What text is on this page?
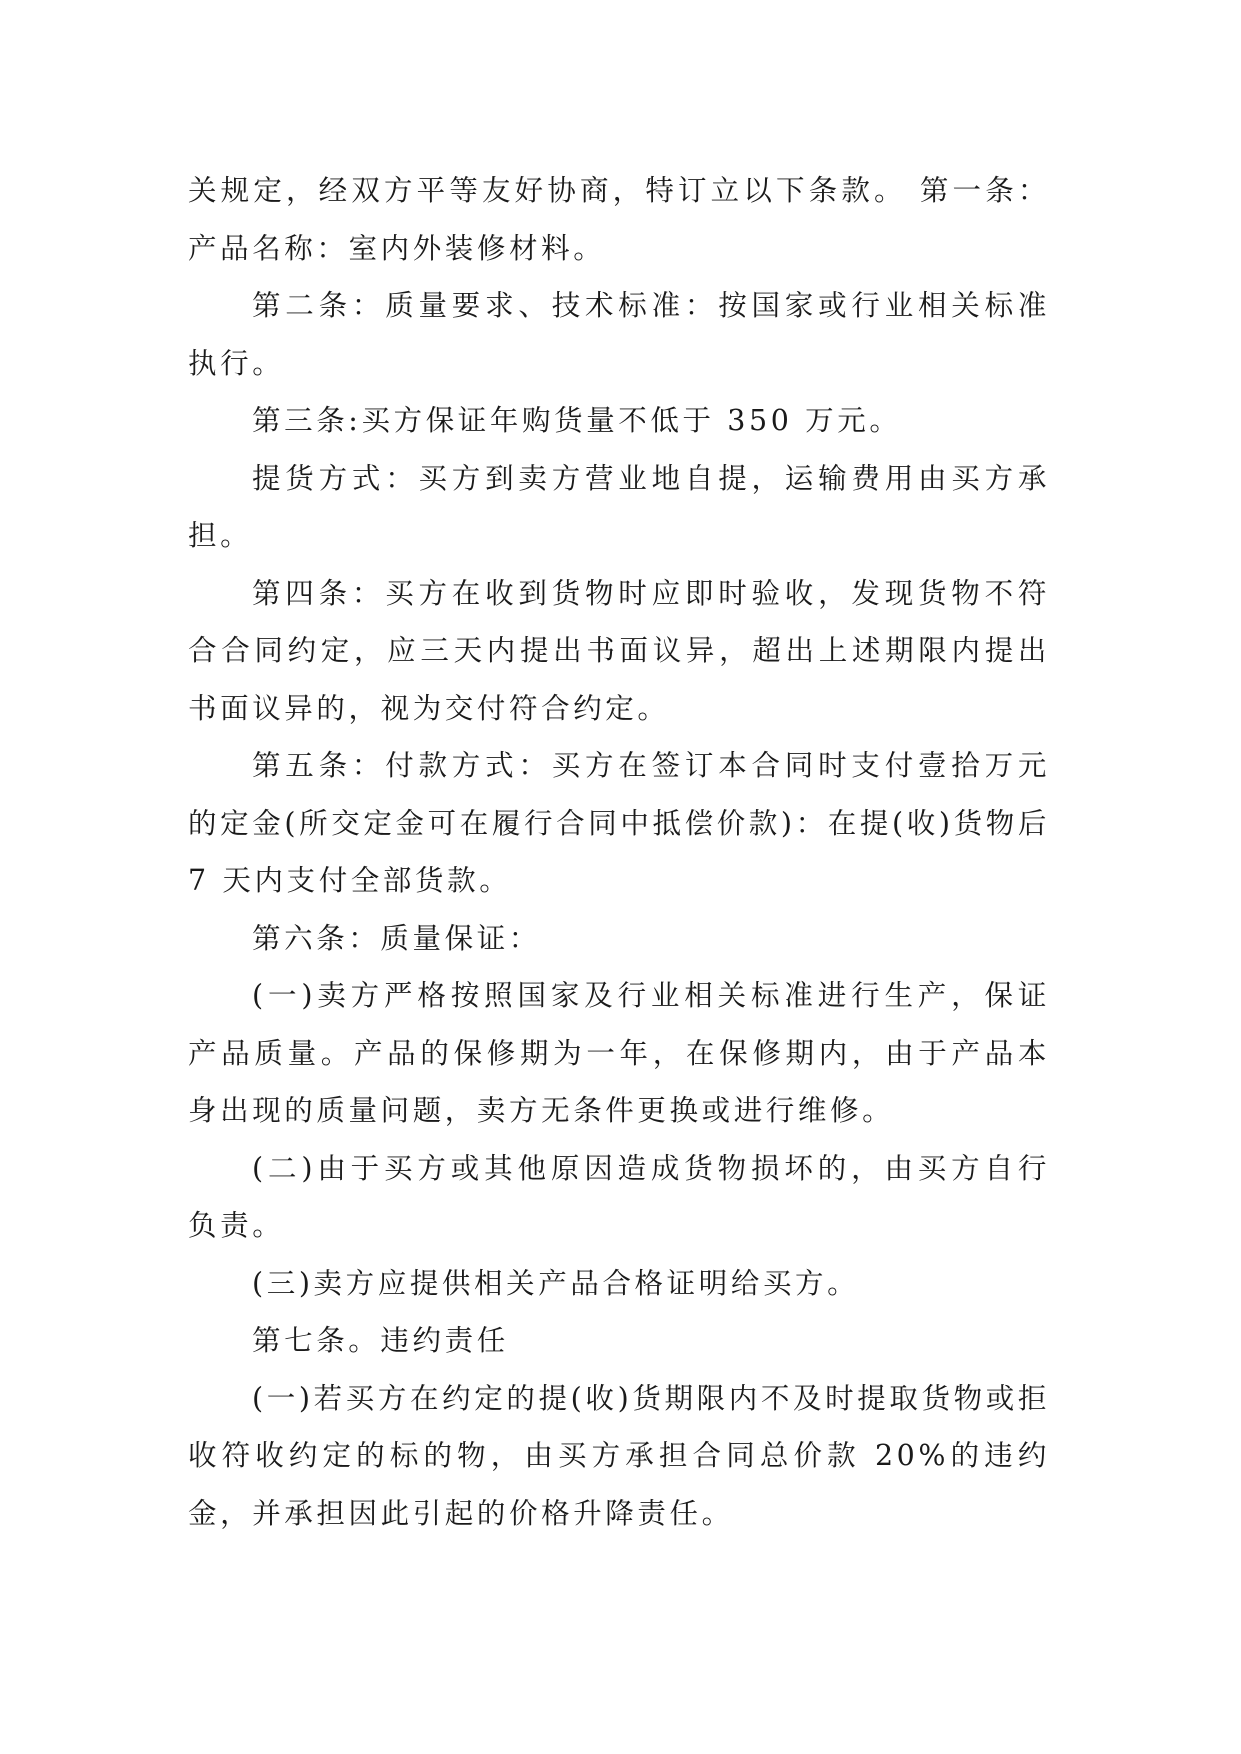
关规定，经双方平等友好协商，特订立以下条款。 第一条：产品名称：室内外装修材料。

第二条：质量要求、技术标准：按国家或行业相关标准执行。

第三条:买方保证年购货量不低于 350 万元。

提货方式：买方到卖方营业地自提，运输费用由买方承担。

第四条：买方在收到货物时应即时验收，发现货物不符合合同约定，应三天内提出书面议异，超出上述期限内提出书面议异的，视为交付符合约定。

第五条：付款方式：买方在签订本合同时支付壹拾万元的定金(所交定金可在履行合同中抵偿价款)：在提(收)货物后 7 天内支付全部货款。

第六条：质量保证：

(一)卖方严格按照国家及行业相关标准进行生产，保证产品质量。产品的保修期为一年，在保修期内，由于产品本身出现的质量问题，卖方无条件更换或进行维修。

(二)由于买方或其他原因造成货物损坏的，由买方自行负责。

(三)卖方应提供相关产品合格证明给买方。

第七条。违约责任

(一)若买方在约定的提(收)货期限内不及时提取货物或拒收符收约定的标的物，由买方承担合同总价款 20%的违约金，并承担因此引起的价格升降责任。
